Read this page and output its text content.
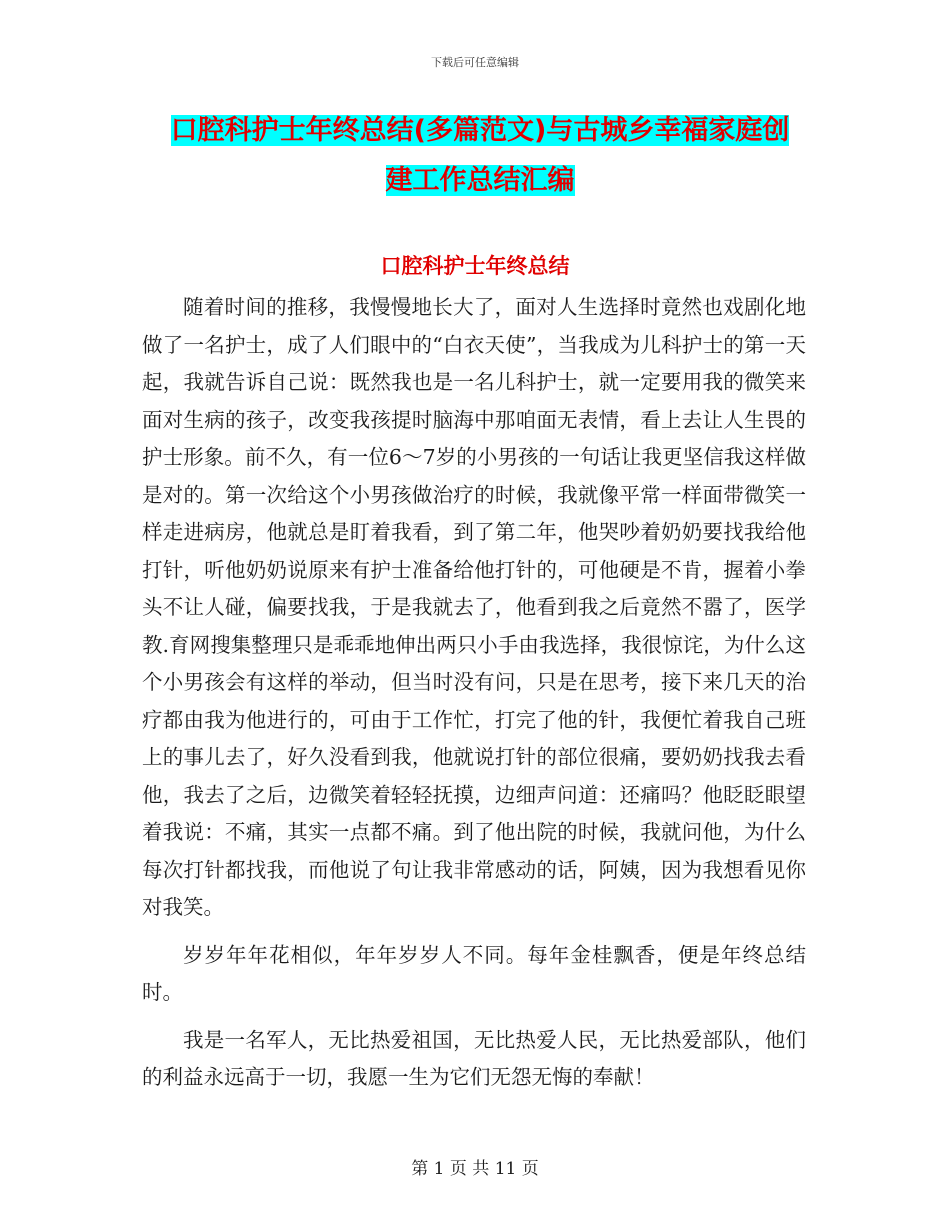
下载后可任意编辑
口腔科护士年终总结(多篇范文)与古城乡幸福家庭创
建工作总结汇编
口腔科护士年终总结

随着时间的推移，我慢慢地长大了，面对人生选择时竟然也戏剧化地做了一名护士，成了人们眼中的“白衣天使”，当我成为儿科护士的第一天起，我就告诉自己说：既然我也是一名儿科护士，就一定要用我的微笑来面对生病的孩子，改变我孩提时脑海中那咱面无表情，看上去让人生畏的护士形象。前不久，有一位6～7岁的小男孩的一句话让我更坚信我这样做是对的。第一次给这个小男孩做治疗的时候，我就像平常一样面带微笑一样走进病房，他就总是盯着我看，到了第二年，他哭吵着奶奶要找我给他打针，听他奶奶说原来有护士准备给他打针的，可他硬是不肯，握着小拳头不让人碰，偏要找我，于是我就去了，他看到我之后竟然不嚣了，医学教.育网搜集整理只是乖乖地伸出两只小手由我选择，我很惊诧，为什么这个小男孩会有这样的举动，但当时没有问，只是在思考，接下来几天的治疗都由我为他进行的，可由于工作忙，打完了他的针，我便忙着我自己班上的事儿去了，好久没看到我，他就说打针的部位很痛，要奶奶找我去看他，我去了之后，边微笑着轻轻抚摸，边细声问道：还痛吗？他眨眨眼望着我说：不痛，其实一点都不痛。到了他出院的时候，我就问他，为什么每次打针都找我，而他说了句让我非常感动的话，阿姨，因为我想看见你对我笑。

岁岁年年花相似，年年岁岁人不同。每年金桂飘香，便是年终总结时。

我是一名军人，无比热爱祖国，无比热爱人民，无比热爱部队，他们的利益永远高于一切，我愿一生为它们无怨无悔的奉献！

第 1 页 共 11 页
